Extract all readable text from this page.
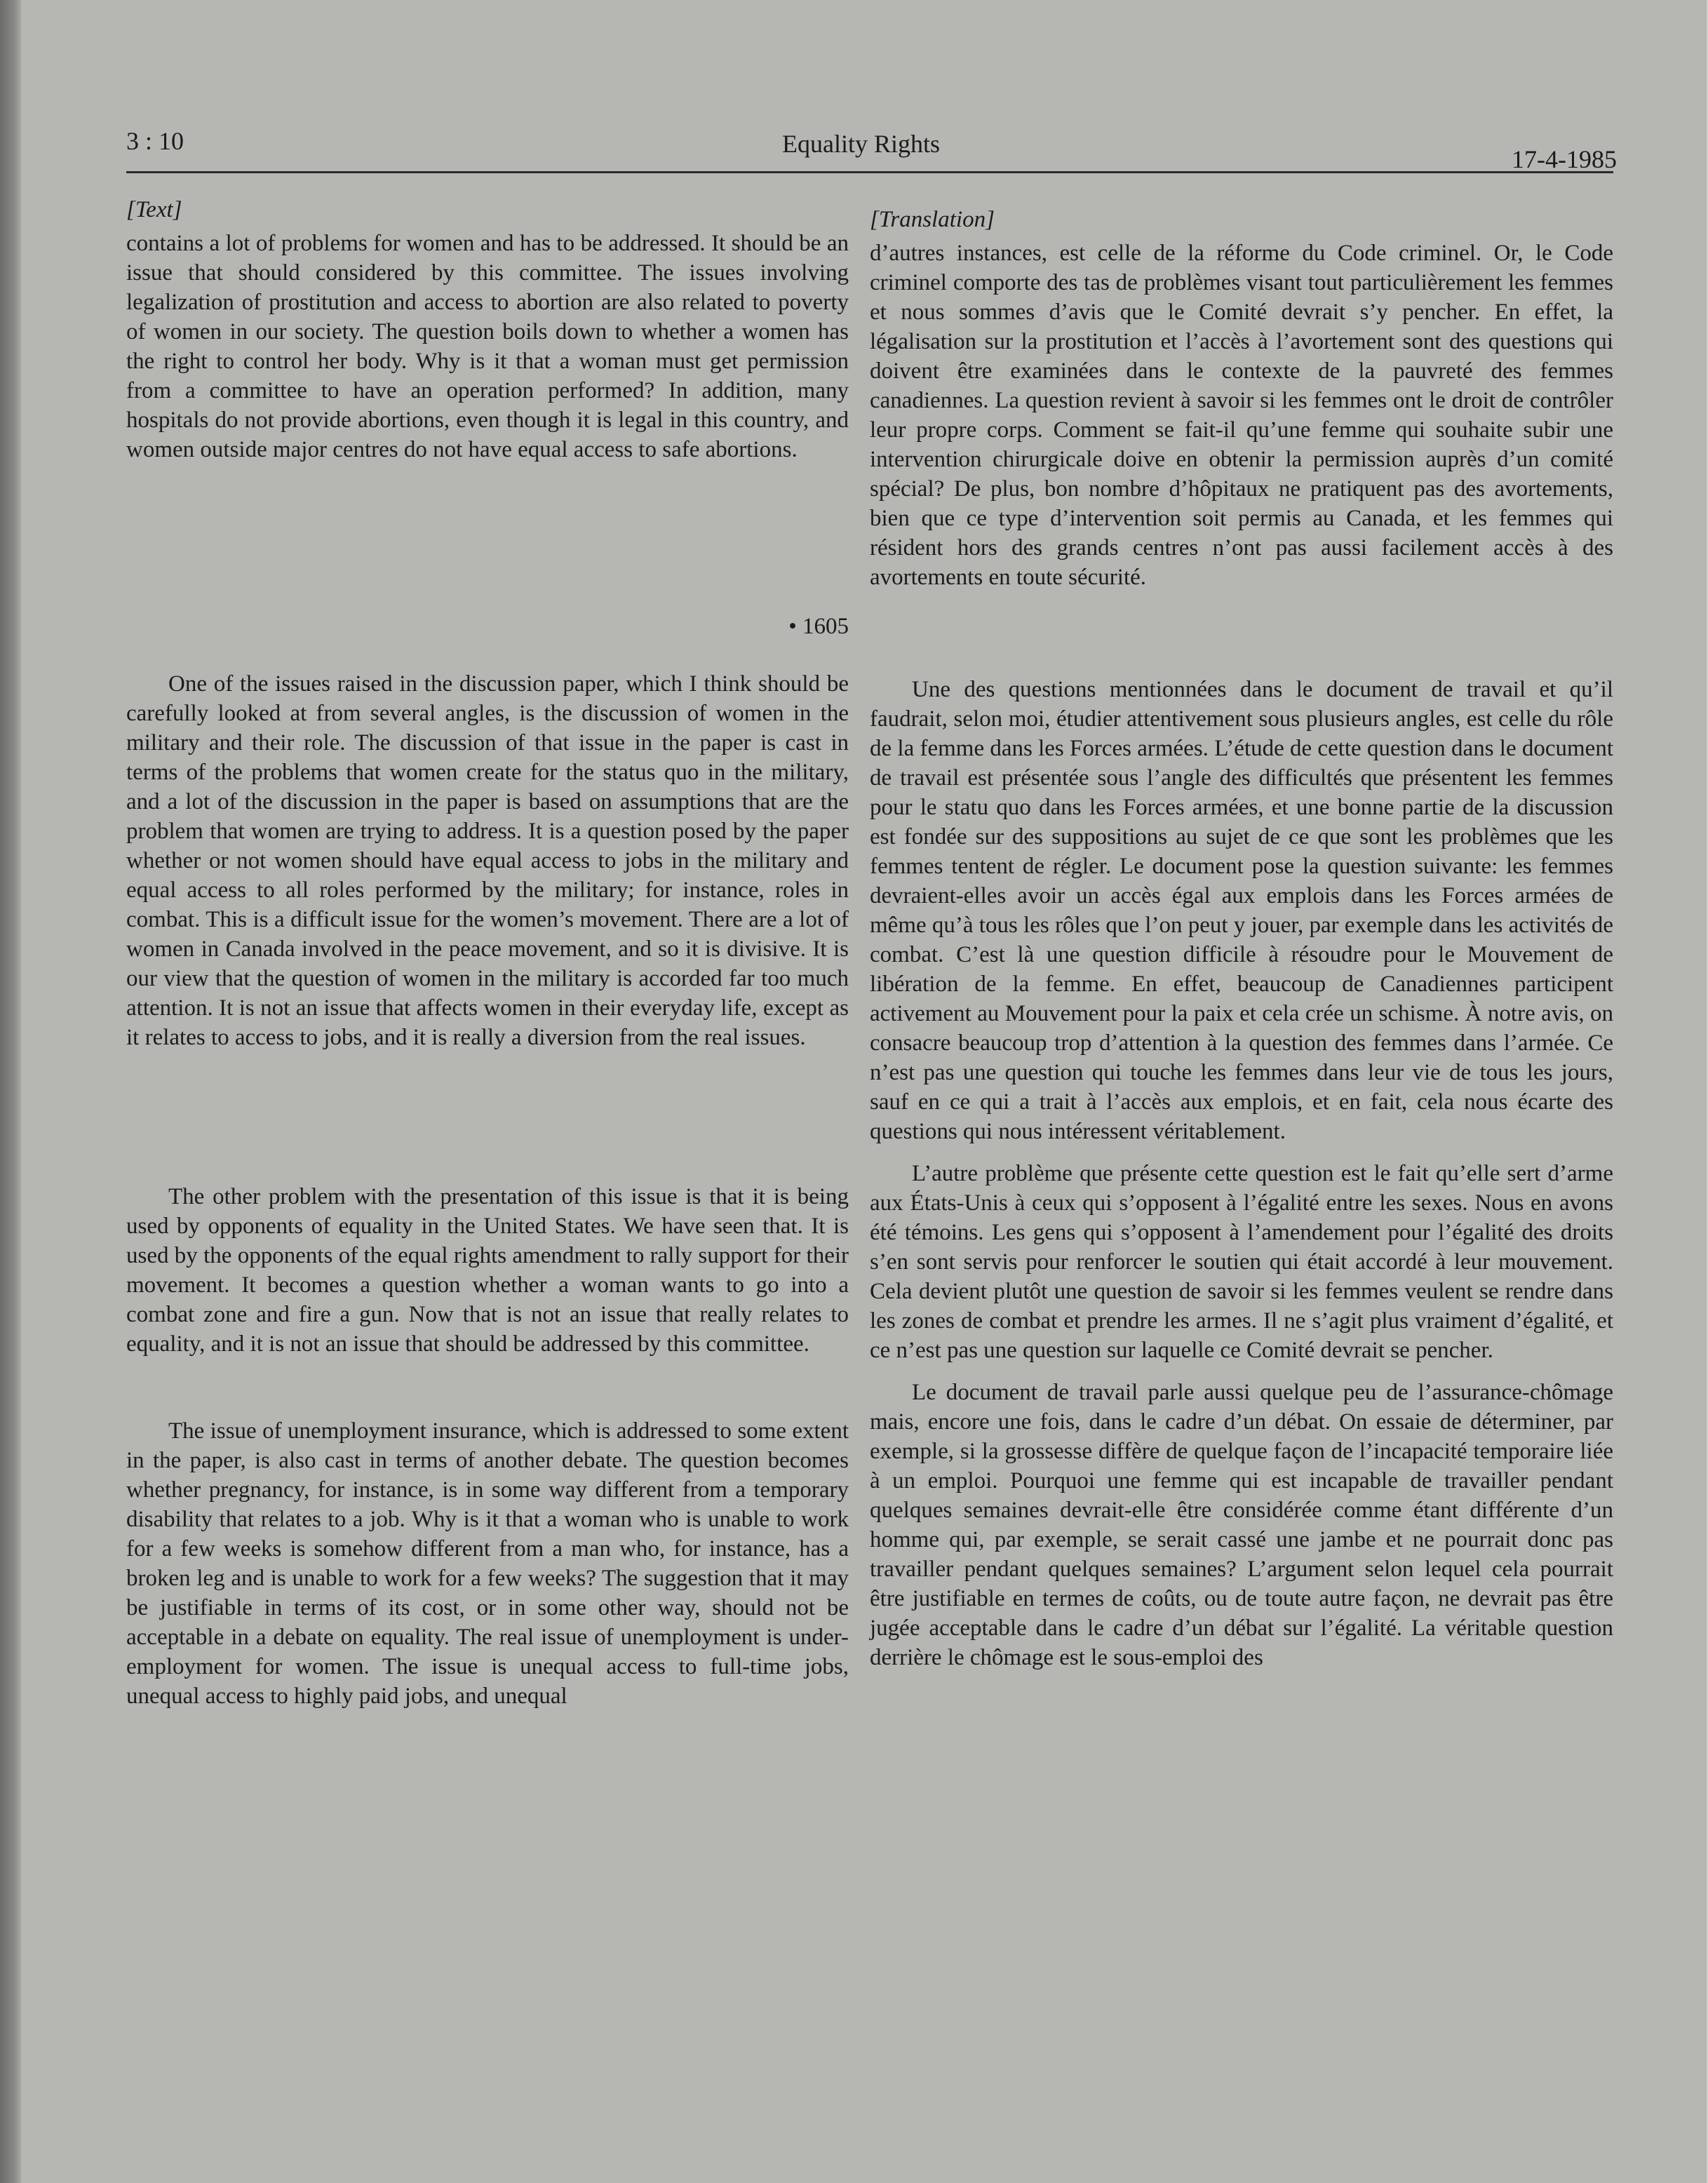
3 : 10	Equality Rights
17-4-1985

[Text]

contains a lot of problems for women and has to be addressed. It should be an issue that should considered by this committee. The issues involving legalization of prostitution and access to abortion are also related to poverty of women in our society. The question boils down to whether a women has the right to control her body. Why is it that a woman must get permission from a committee to have an operation performed? In addition, many hospitals do not provide abortions, even though it is legal in this country, and women outside major centres do not have equal access to safe abortions.

• 1605

One of the issues raised in the discussion paper, which I think should be carefully looked at from several angles, is the discussion of women in the military and their role. The discussion of that issue in the paper is cast in terms of the problems that women create for the status quo in the military, and a lot of the discussion in the paper is based on assumptions that are the problem that women are trying to address. It is a question posed by the paper whether or not women should have equal access to jobs in the military and equal access to all roles performed by the military; for instance, roles in combat. This is a difficult issue for the women’s movement. There are a lot of women in Canada involved in the peace movement, and so it is divisive. It is our view that the question of women in the military is accorded far too much attention. It is not an issue that affects women in their everyday life, except as it relates to access to jobs, and it is really a diversion from the real issues.

The other problem with the presentation of this issue is that it is being used by opponents of equality in the United States. We have seen that. It is used by the opponents of the equal rights amendment to rally support for their movement. It becomes a question whether a woman wants to go into a combat zone and fire a gun. Now that is not an issue that really relates to equality, and it is not an issue that should be addressed by this committee.

The issue of unemployment insurance, which is addressed to some extent in the paper, is also cast in terms of another debate. The question becomes whether pregnancy, for instance, is in some way different from a temporary disability that relates to a job. Why is it that a woman who is unable to work for a few weeks is somehow different from a man who, for instance, has a broken leg and is unable to work for a few weeks? The suggestion that it may be justifiable in terms of its cost, or in some other way, should not be acceptable in a debate on equality. The real issue of unemployment is under-employment for women. The issue is unequal access to full-time jobs, unequal access to highly paid jobs, and unequal

[Translation]

d’autres instances, est celle de la réforme du Code criminel. Or, le Code criminel comporte des tas de problèmes visant tout particulièrement les femmes et nous sommes d’avis que le Comité devrait s’y pencher. En effet, la légalisation sur la prostitution et l’accès à l’avortement sont des questions qui doivent être examinées dans le contexte de la pauvreté des femmes canadiennes. La question revient à savoir si les femmes ont le droit de contrôler leur propre corps. Comment se fait-il qu’une femme qui souhaite subir une intervention chirurgicale doive en obtenir la permission auprès d’un comité spécial? De plus, bon nombre d’hôpitaux ne pratiquent pas des avortements, bien que ce type d’intervention soit permis au Canada, et les femmes qui résident hors des grands centres n’ont pas aussi facilement accès à des avortements en toute sécurité.

Une des questions mentionnées dans le document de travail et qu’il faudrait, selon moi, étudier attentivement sous plusieurs angles, est celle du rôle de la femme dans les Forces armées. L’étude de cette question dans le document de travail est présentée sous l’angle des difficultés que présentent les femmes pour le statu quo dans les Forces armées, et une bonne partie de la discussion est fondée sur des suppositions au sujet de ce que sont les problèmes que les femmes tentent de régler. Le document pose la question suivante: les femmes devraient-elles avoir un accès égal aux emplois dans les Forces armées de même qu’à tous les rôles que l’on peut y jouer, par exemple dans les activités de combat. C’est là une question difficile à résoudre pour le Mouvement de libération de la femme. En effet, beaucoup de Canadiennes participent activement au Mouvement pour la paix et cela crée un schisme. À notre avis, on consacre beaucoup trop d’attention à la question des femmes dans l’armée. Ce n’est pas une question qui touche les femmes dans leur vie de tous les jours, sauf en ce qui a trait à l’accès aux emplois, et en fait, cela nous écarte des questions qui nous intéressent véritablement.

L’autre problème que présente cette question est le fait qu’elle sert d’arme aux États-Unis à ceux qui s’opposent à l’égalité entre les sexes. Nous en avons été témoins. Les gens qui s’opposent à l’amendement pour l’égalité des droits s’en sont servis pour renforcer le soutien qui était accordé à leur mouvement. Cela devient plutôt une question de savoir si les femmes veulent se rendre dans les zones de combat et prendre les armes. Il ne s’agit plus vraiment d’égalité, et ce n’est pas une question sur laquelle ce Comité devrait se pencher.

Le document de travail parle aussi quelque peu de l’assurance-chômage mais, encore une fois, dans le cadre d’un débat. On essaie de déterminer, par exemple, si la grossesse diffère de quelque façon de l’incapacité temporaire liée à un emploi. Pourquoi une femme qui est incapable de travailler pendant quelques semaines devrait-elle être considérée comme étant différente d’un homme qui, par exemple, se serait cassé une jambe et ne pourrait donc pas travailler pendant quelques semaines? L’argument selon lequel cela pourrait être justifiable en termes de coûts, ou de toute autre façon, ne devrait pas être jugée acceptable dans le cadre d’un débat sur l’égalité. La véritable question derrière le chômage est le sous-emploi des
